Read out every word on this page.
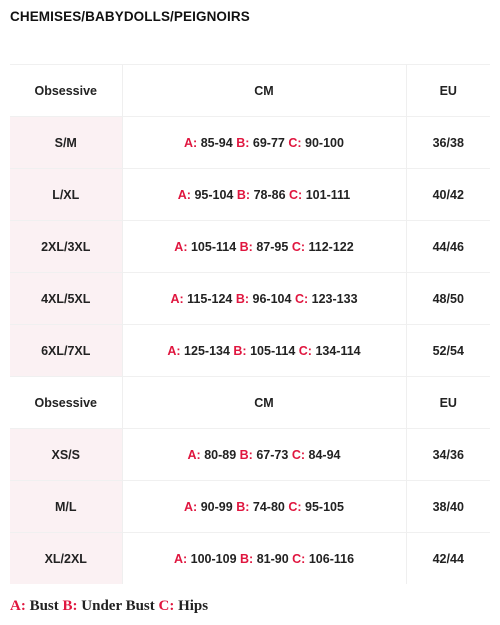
CHEMISES/BABYDOLLS/PEIGNOIRS
Obsessive	CM	EU
S/M	A: 85-94 B: 69-77 C: 90-100	36/38
L/XL	A: 95-104 B: 78-86 C: 101-111	40/42
2XL/3XL	A: 105-114 B: 87-95 C: 112-122	44/46
4XL/5XL	A: 115-124 B: 96-104 C: 123-133	48/50
6XL/7XL	A: 125-134 B: 105-114 C: 134-114	52/54
Obsessive	CM	EU
XS/S	A: 80-89 B: 67-73 C: 84-94	34/36
M/L	A: 90-99 B: 74-80 C: 95-105	38/40
XL/2XL	A: 100-109 B: 81-90 C: 106-116	42/44
A: Bust B: Under Bust C: Hips
